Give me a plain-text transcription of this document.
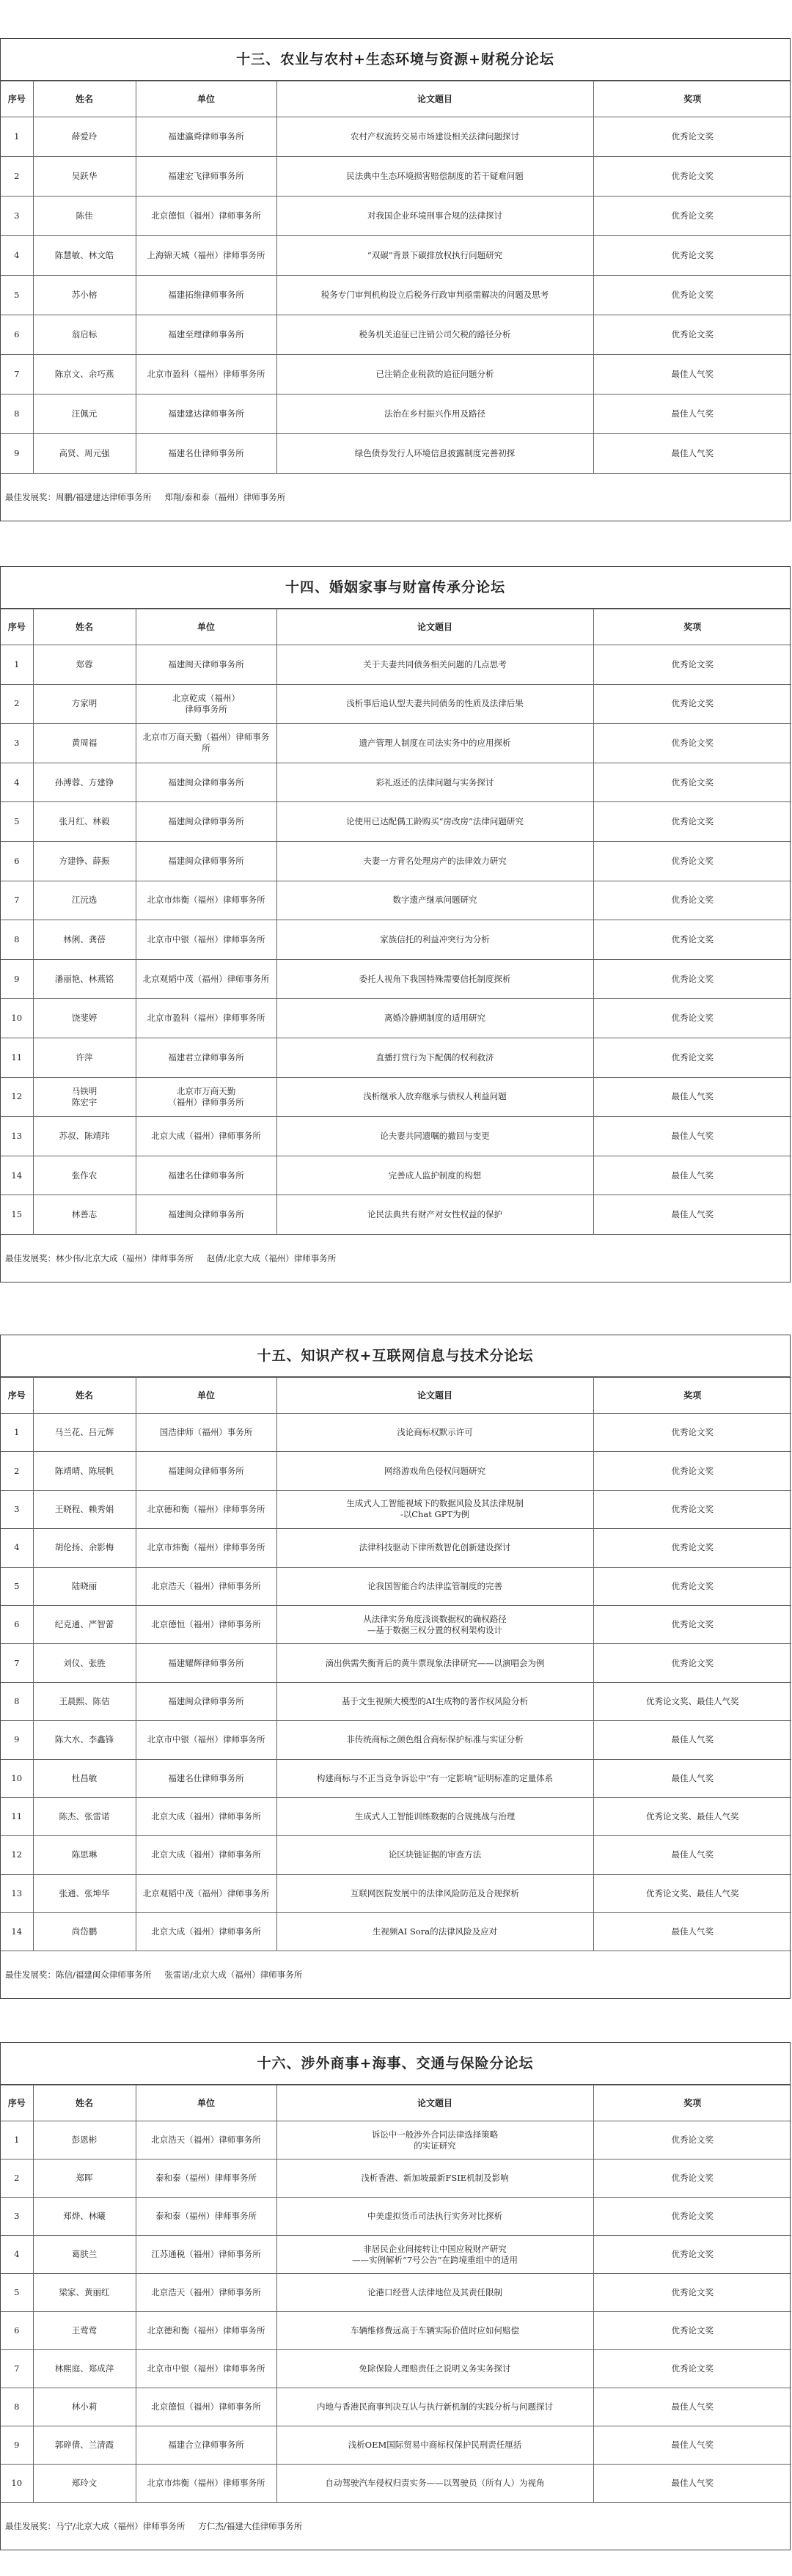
十三、农业与农村+生态环境与资源+财税分论坛
序号	姓名	单位	论文题目	奖项
1	薛爱玲	福建瀛舜律师事务所	农村产权流转交易市场建设相关法律问题探讨	优秀论文奖
2	吴跃华	福建宏飞律师事务所	民法典中生态环境损害赔偿制度的若干疑难问题	优秀论文奖
3	陈佳	北京德恒（福州）律师事务所	对我国企业环境刑事合规的法律探讨	优秀论文奖
4	陈慧敏、林文皓	上海锦天城（福州）律师事务所	“双碳”背景下碳排放权执行问题研究	优秀论文奖
5	苏小榕	福建拓维律师事务所	税务专门审判机构设立后税务行政审判亟需解决的问题及思考	优秀论文奖
6	翁启标	福建至理律师事务所	税务机关追征已注销公司欠税的路径分析	优秀论文奖
7	陈京文、余巧燕	北京市盈科（福州）律师事务所	已注销企业税款的追征问题分析	最佳人气奖
8	汪佩元	福建建达律师事务所	法治在乡村振兴作用及路径	最佳人气奖
9	高贤、周元强	福建名仕律师事务所	绿色债券发行人环境信息披露制度完善初探	最佳人气奖
最佳发展奖：周鹏/福建建达律师事务所 郑翔/泰和泰（福州）律师事务所
十四、婚姻家事与财富传承分论坛
序号	姓名	单位	论文题目	奖项
1	郑蓉	福建闽天律师事务所	关于夫妻共同债务相关问题的几点思考	优秀论文奖
2	方家明	北京乾成（福州）
律师事务所	浅析事后追认型夫妻共同债务的性质及法律后果	优秀论文奖
3	黄周福	北京市万商天勤（福州）律师事务所	遗产管理人制度在司法实务中的应用探析	优秀论文奖
4	孙溥蓉、方建铮	福建闽众律师事务所	彩礼返还的法律问题与实务探讨	优秀论文奖
5	张月红、林毅	福建闽众律师事务所	论使用已达配偶工龄购买“房改房”法律问题研究	优秀论文奖
6	方建铮、薛振	福建闽众律师事务所	夫妻一方背名处理房产的法律效力研究	优秀论文奖
7	江沅选	北京市炜衡（福州）律师事务所	数字遗产继承问题研究	优秀论文奖
8	林俐、龚蓓	北京市中银（福州）律师事务所	家族信托的利益冲突行为分析	优秀论文奖
9	潘丽艳、林燕铭	北京观韬中茂（福州）律师事务所	委托人视角下我国特殊需要信托制度探析	优秀论文奖
10	饶斐婷	北京市盈科（福州）律师事务所	离婚冷静期制度的适用研究	优秀论文奖
11	许萍	福建君立律师事务所	直播打赏行为下配偶的权利救济	优秀论文奖
12	马铁明
陈宏宇	北京市万商天勤
（福州）律师事务所	浅析继承人放弃继承与债权人利益问题	最佳人气奖
13	苏叔、陈靖玮	北京大成（福州）律师事务所	论夫妻共同遗嘱的撤回与变更	最佳人气奖
14	张作农	福建名仕律师事务所	完善成人监护制度的构想	最佳人气奖
15	林善志	福建闽众律师事务所	论民法典共有财产对女性权益的保护	最佳人气奖
最佳发展奖：林少伟/北京大成（福州）律师事务所 赵倩/北京大成（福州）律师事务所
十五、知识产权+互联网信息与技术分论坛
序号	姓名	单位	论文题目	奖项
1	马兰花、吕元辉	国浩律师（福州）事务所	浅论商标权默示许可	优秀论文奖
2	陈靖晴、陈展帆	福建闽众律师事务所	网络游戏角色侵权问题研究	优秀论文奖
3	王晓程、赖秀娟	北京德和衡（福州）律师事务所	生成式人工智能视域下的数据风险及其法律规制
-以Chat GPT为例	优秀论文奖
4	胡伦扬、余影梅	北京市炜衡（福州）律师事务所	法律科技驱动下律所数智化创新建设探讨	优秀论文奖
5	陆晓丽	北京浩天（福州）律师事务所	论我国智能合约法律监管制度的完善	优秀论文奖
6	纪克通、严智蕾	北京德恒（福州）律师事务所	从法律实务角度浅谈数据权的确权路径
—基于数据三权分置的权利架构设计	优秀论文奖
7	刘仪、张胜	福建耀辉律师事务所	滴出供需失衡背后的黄牛票现象法律研究——以演唱会为例	优秀论文奖
8	王晨熙、陈佶	福建闽众律师事务所	基于文生视频大模型的AI生成物的著作权风险分析	优秀论文奖、最佳人气奖
9	陈大水、李鑫锋	北京市中银（福州）律师事务所	非传统商标之颜色组合商标保护标准与实证分析	最佳人气奖
10	杜昌敏	福建名仕律师事务所	构建商标与不正当竞争诉讼中“有一定影响”证明标准的定量体系	最佳人气奖
11	陈杰、张雷诺	北京大成（福州）律师事务所	生成式人工智能训练数据的合规挑战与治理	优秀论文奖、最佳人气奖
12	陈思琳	北京大成（福州）律师事务所	论区块链证据的审查方法	最佳人气奖
13	张通、张坤华	北京观韬中茂（福州）律师事务所	互联网医院发展中的法律风险防范及合规探析	优秀论文奖、最佳人气奖
14	尚岱鹏	北京大成（福州）律师事务所	生视频AI Sora的法律风险及应对	最佳人气奖
最佳发展奖：陈信/福建闽众律师事务所 张雷诺/北京大成（福州）律师事务所
十六、涉外商事+海事、交通与保险分论坛
序号	姓名	单位	论文题目	奖项
1	彭恩彬	北京浩天（福州）律师事务所	诉讼中一般涉外合同法律选择策略
的实证研究	优秀论文奖
2	郑晖	泰和泰（福州）律师事务所	浅析香港、新加坡最新FSIE机制及影响	优秀论文奖
3	郑烨、林曦	泰和泰（福州）律师事务所	中美虚拟货币司法执行实务对比探析	优秀论文奖
4	葛肤兰	江苏通税（福州）律师事务所	非居民企业间接转让中国应税财产研究
——实例解析“7号公告”在跨境重组中的适用	优秀论文奖
5	梁家、黄丽红	北京浩天（福州）律师事务所	论港口经营人法律地位及其责任限制	优秀论文奖
6	王莺莺	北京德和衡（福州）律师事务所	车辆维修费远高于车辆实际价值时应如何赔偿	优秀论文奖
7	林熙庭、郑成萍	北京市中银（福州）律师事务所	免除保险人理赔责任之说明义务实务探讨	优秀论文奖
8	林小莉	北京德恒（福州）律师事务所	内地与香港民商事判决互认与执行新机制的实践分析与问题探讨	最佳人气奖
9	郭碎倩、兰清霞	福建合立律师事务所	浅析OEM国际贸易中商标权保护民刑责任厘括	最佳人气奖
10	郑玲文	北京市炜衡（福州）律师事务所	自动驾驶汽车侵权归责实务——以驾驶员（所有人）为视角	最佳人气奖
最佳发展奖：马宁/北京大成（福州）律师事务所 方仁杰/福建大佳律师事务所
